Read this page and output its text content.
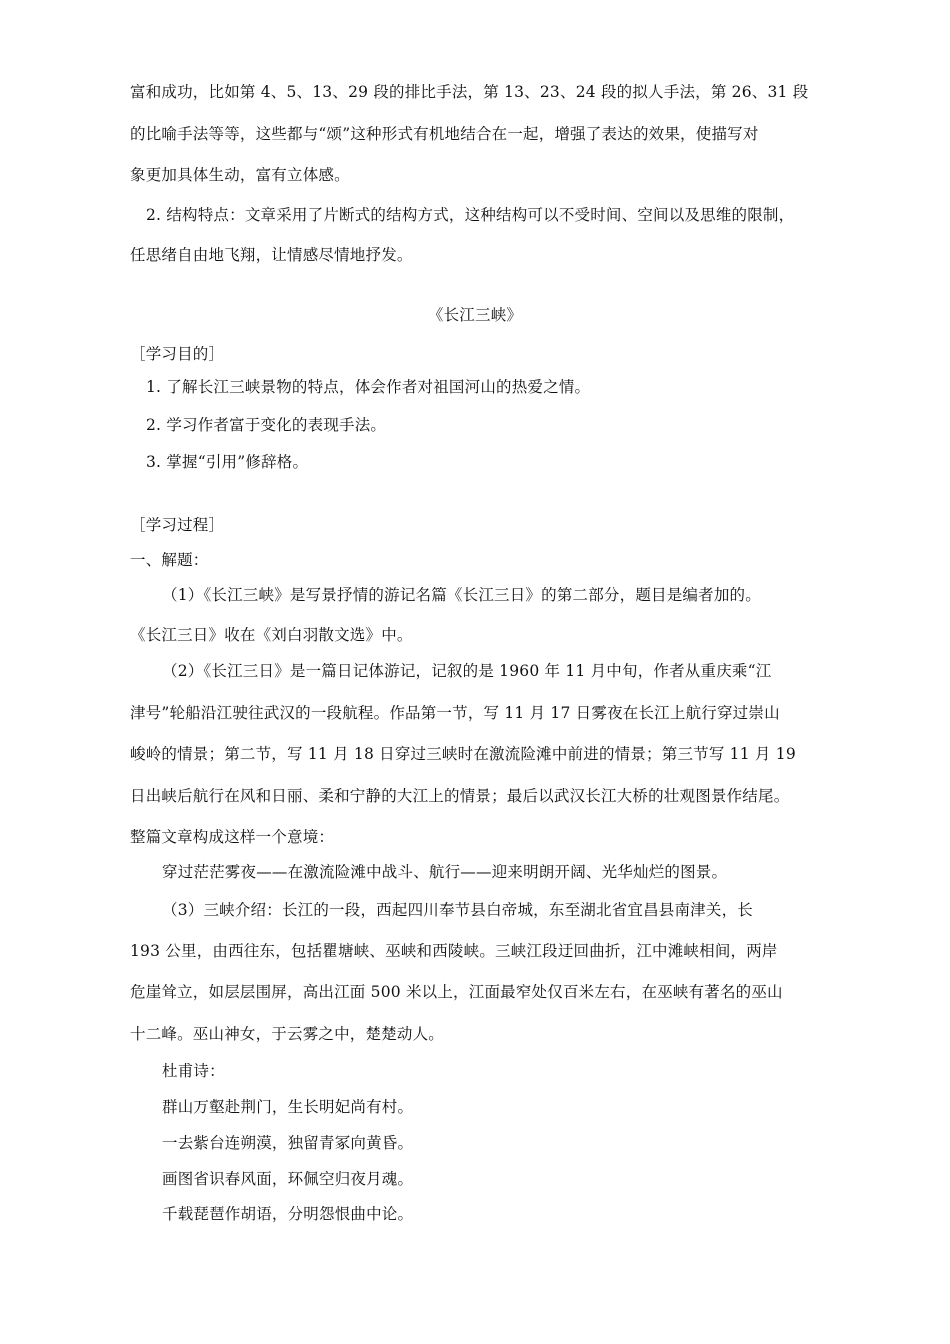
富和成功，比如第 4、5、13、29 段的排比手法，第 13、23、24 段的拟人手法，第 26、31 段
的比喻手法等等，这些都与“颂”这种形式有机地结合在一起，增强了表达的效果，使描写对
象更加具体生动，富有立体感。
2. 结构特点：文章采用了片断式的结构方式，这种结构可以不受时间、空间以及思维的限制，
任思绪自由地飞翔，让情感尽情地抒发。
《长江三峡》
［学习目的］
1. 了解长江三峡景物的特点，体会作者对祖国河山的热爱之情。
2. 学习作者富于变化的表现手法。
3. 掌握“引用”修辞格。
［学习过程］
一、解题：
（1）《长江三峡》是写景抒情的游记名篇《长江三日》的第二部分，题目是编者加的。
《长江三日》收在《刘白羽散文选》中。
（2）《长江三日》是一篇日记体游记，记叙的是 1960 年 11 月中旬，作者从重庆乘“江
津号”轮船沿江驶往武汉的一段航程。作品第一节，写 11 月 17 日雾夜在长江上航行穿过崇山
峻岭的情景；第二节，写 11 月 18 日穿过三峡时在激流险滩中前进的情景；第三节写 11 月 19
日出峡后航行在风和日丽、柔和宁静的大江上的情景；最后以武汉长江大桥的壮观图景作结尾。
整篇文章构成这样一个意境：
穿过茫茫雾夜——在激流险滩中战斗、航行——迎来明朗开阔、光华灿烂的图景。
（3）三峡介绍：长江的一段，西起四川奉节县白帝城，东至湖北省宜昌县南津关，长
193 公里，由西往东，包括瞿塘峡、巫峡和西陵峡。三峡江段迂回曲折，江中滩峡相间，两岸
危崖耸立，如层层围屏，高出江面 500 米以上，江面最窄处仅百米左右，在巫峡有著名的巫山
十二峰。巫山神女，于云雾之中，楚楚动人。
杜甫诗：
群山万壑赴荆门，生长明妃尚有村。
一去紫台连朔漠，独留青冢向黄昏。
画图省识春风面，环佩空归夜月魂。
千载琵琶作胡语，分明怨恨曲中论。
